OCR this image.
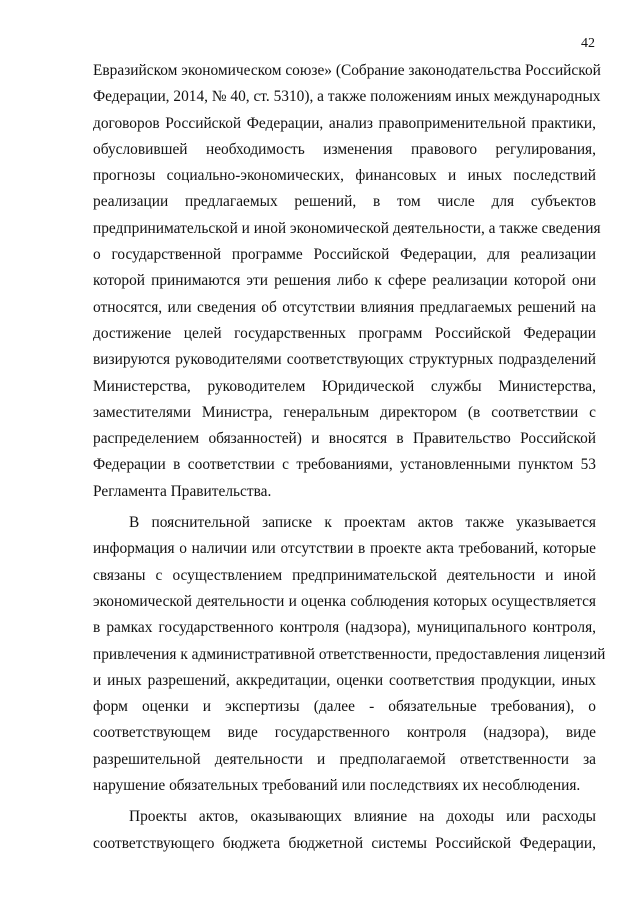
42
Евразийском экономическом союзе» (Собрание законодательства Российской
Федерации, 2014, № 40, ст. 5310), а также положениям иных международных
договоров Российской Федерации, анализ правоприменительной практики,
обусловившей необходимость изменения правового регулирования,
прогнозы социально-экономических, финансовых и иных последствий
реализации предлагаемых решений, в том числе для субъектов
предпринимательской и иной экономической деятельности, а также сведения
о государственной программе Российской Федерации, для реализации
которой принимаются эти решения либо к сфере реализации которой они
относятся, или сведения об отсутствии влияния предлагаемых решений на
достижение целей государственных программ Российской Федерации
визируются руководителями соответствующих структурных подразделений
Министерства, руководителем Юридической службы Министерства,
заместителями Министра, генеральным директором (в соответствии с
распределением обязанностей) и вносятся в Правительство Российской
Федерации в соответствии с требованиями, установленными пунктом 53
Регламента Правительства.
В пояснительной записке к проектам актов также указывается
информация о наличии или отсутствии в проекте акта требований, которые
связаны с осуществлением предпринимательской деятельности и иной
экономической деятельности и оценка соблюдения которых осуществляется
в рамках государственного контроля (надзора), муниципального контроля,
привлечения к административной ответственности, предоставления лицензий
и иных разрешений, аккредитации, оценки соответствия продукции, иных
форм оценки и экспертизы (далее - обязательные требования), о
соответствующем виде государственного контроля (надзора), виде
разрешительной деятельности и предполагаемой ответственности за
нарушение обязательных требований или последствиях их несоблюдения.
Проекты актов, оказывающих влияние на доходы или расходы
соответствующего бюджета бюджетной системы Российской Федерации,
